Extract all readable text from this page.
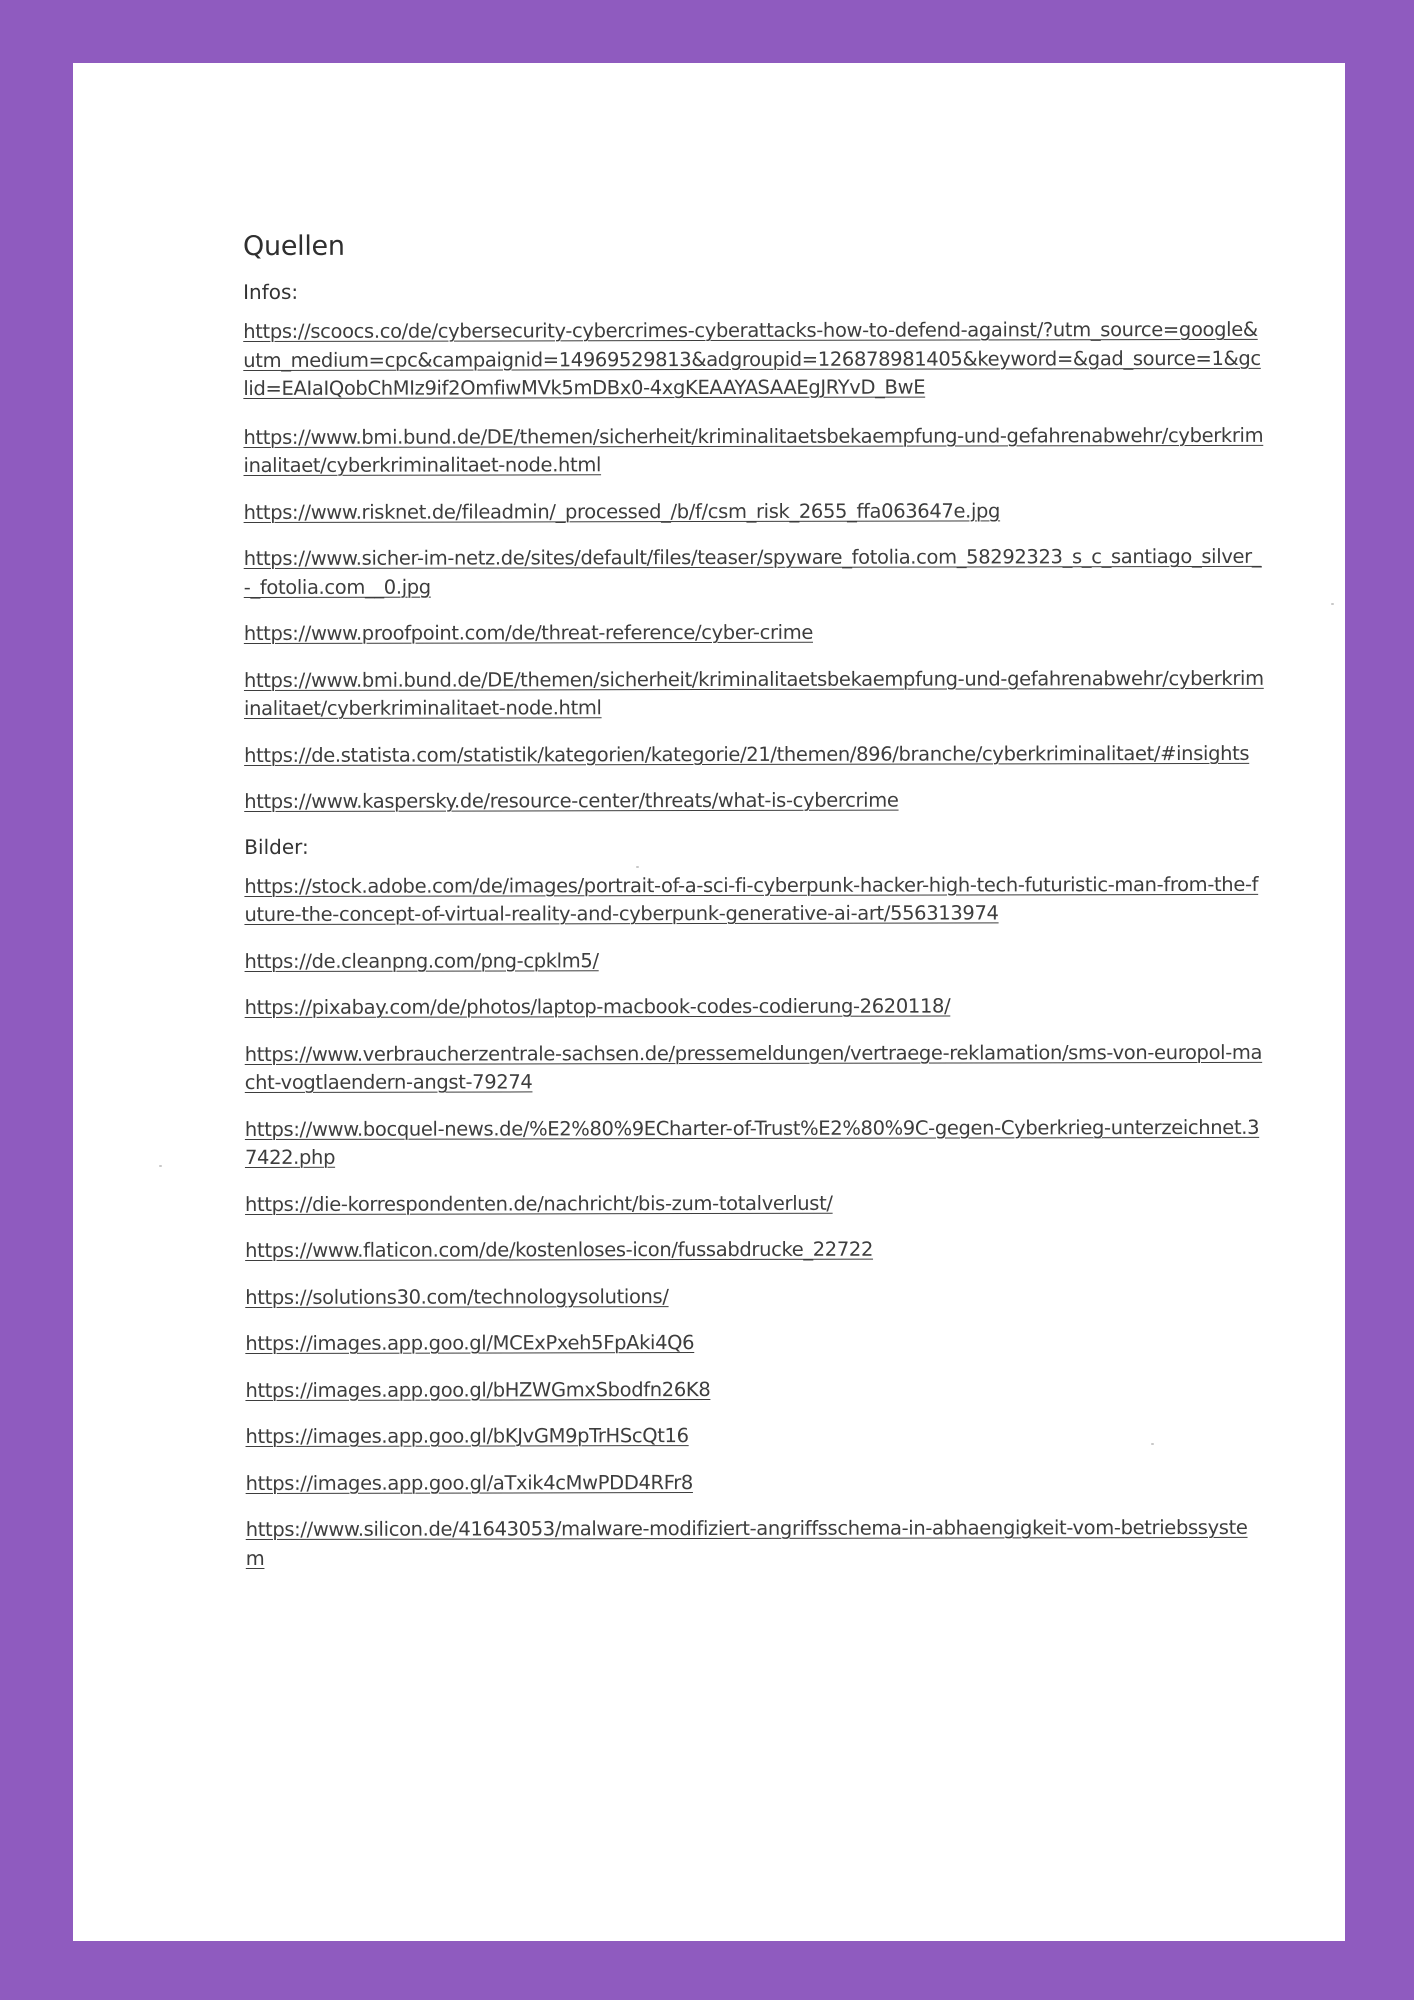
Quellen
Infos:
https://scoocs.co/de/cybersecurity-cybercrimes-cyberattacks-how-to-defend-against/?utm_source=google&utm_medium=cpc&campaignid=14969529813&adgroupid=126878981405&keyword=&gad_source=1&gclid=EAIaIQobChMIz9if2OmfiwMVk5mDBx0-4xgKEAAYASAAEgJRYvD_BwE
https://www.bmi.bund.de/DE/themen/sicherheit/kriminalitaetsbekaempfung-und-gefahrenabwehr/cyberkriminalitaet/cyberkriminalitaet-node.html
https://www.risknet.de/fileadmin/_processed_/b/f/csm_risk_2655_ffa063647e.jpg
https://www.sicher-im-netz.de/sites/default/files/teaser/spyware_fotolia.com_58292323_s_c_santiago_silver_-_fotolia.com__0.jpg
https://www.proofpoint.com/de/threat-reference/cyber-crime
https://www.bmi.bund.de/DE/themen/sicherheit/kriminalitaetsbekaempfung-und-gefahrenabwehr/cyberkriminalitaet/cyberkriminalitaet-node.html
https://de.statista.com/statistik/kategorien/kategorie/21/themen/896/branche/cyberkriminalitaet/#insights
https://www.kaspersky.de/resource-center/threats/what-is-cybercrime
Bilder:
https://stock.adobe.com/de/images/portrait-of-a-sci-fi-cyberpunk-hacker-high-tech-futuristic-man-from-the-future-the-concept-of-virtual-reality-and-cyberpunk-generative-ai-art/556313974
https://de.cleanpng.com/png-cpklm5/
https://pixabay.com/de/photos/laptop-macbook-codes-codierung-2620118/
https://www.verbraucherzentrale-sachsen.de/pressemeldungen/vertraege-reklamation/sms-von-europol-macht-vogtlaendern-angst-79274
https://www.bocquel-news.de/%E2%80%9ECharter-of-Trust%E2%80%9C-gegen-Cyberkrieg-unterzeichnet.37422.php
https://die-korrespondenten.de/nachricht/bis-zum-totalverlust/
https://www.flaticon.com/de/kostenloses-icon/fussabdrucke_22722
https://solutions30.com/technologysolutions/
https://images.app.goo.gl/MCExPxeh5FpAki4Q6
https://images.app.goo.gl/bHZWGmxSbodfn26K8
https://images.app.goo.gl/bKJvGM9pTrHScQt16
https://images.app.goo.gl/aTxik4cMwPDD4RFr8
https://www.silicon.de/41643053/malware-modifiziert-angriffsschema-in-abhaengigkeit-vom-betriebssystem
